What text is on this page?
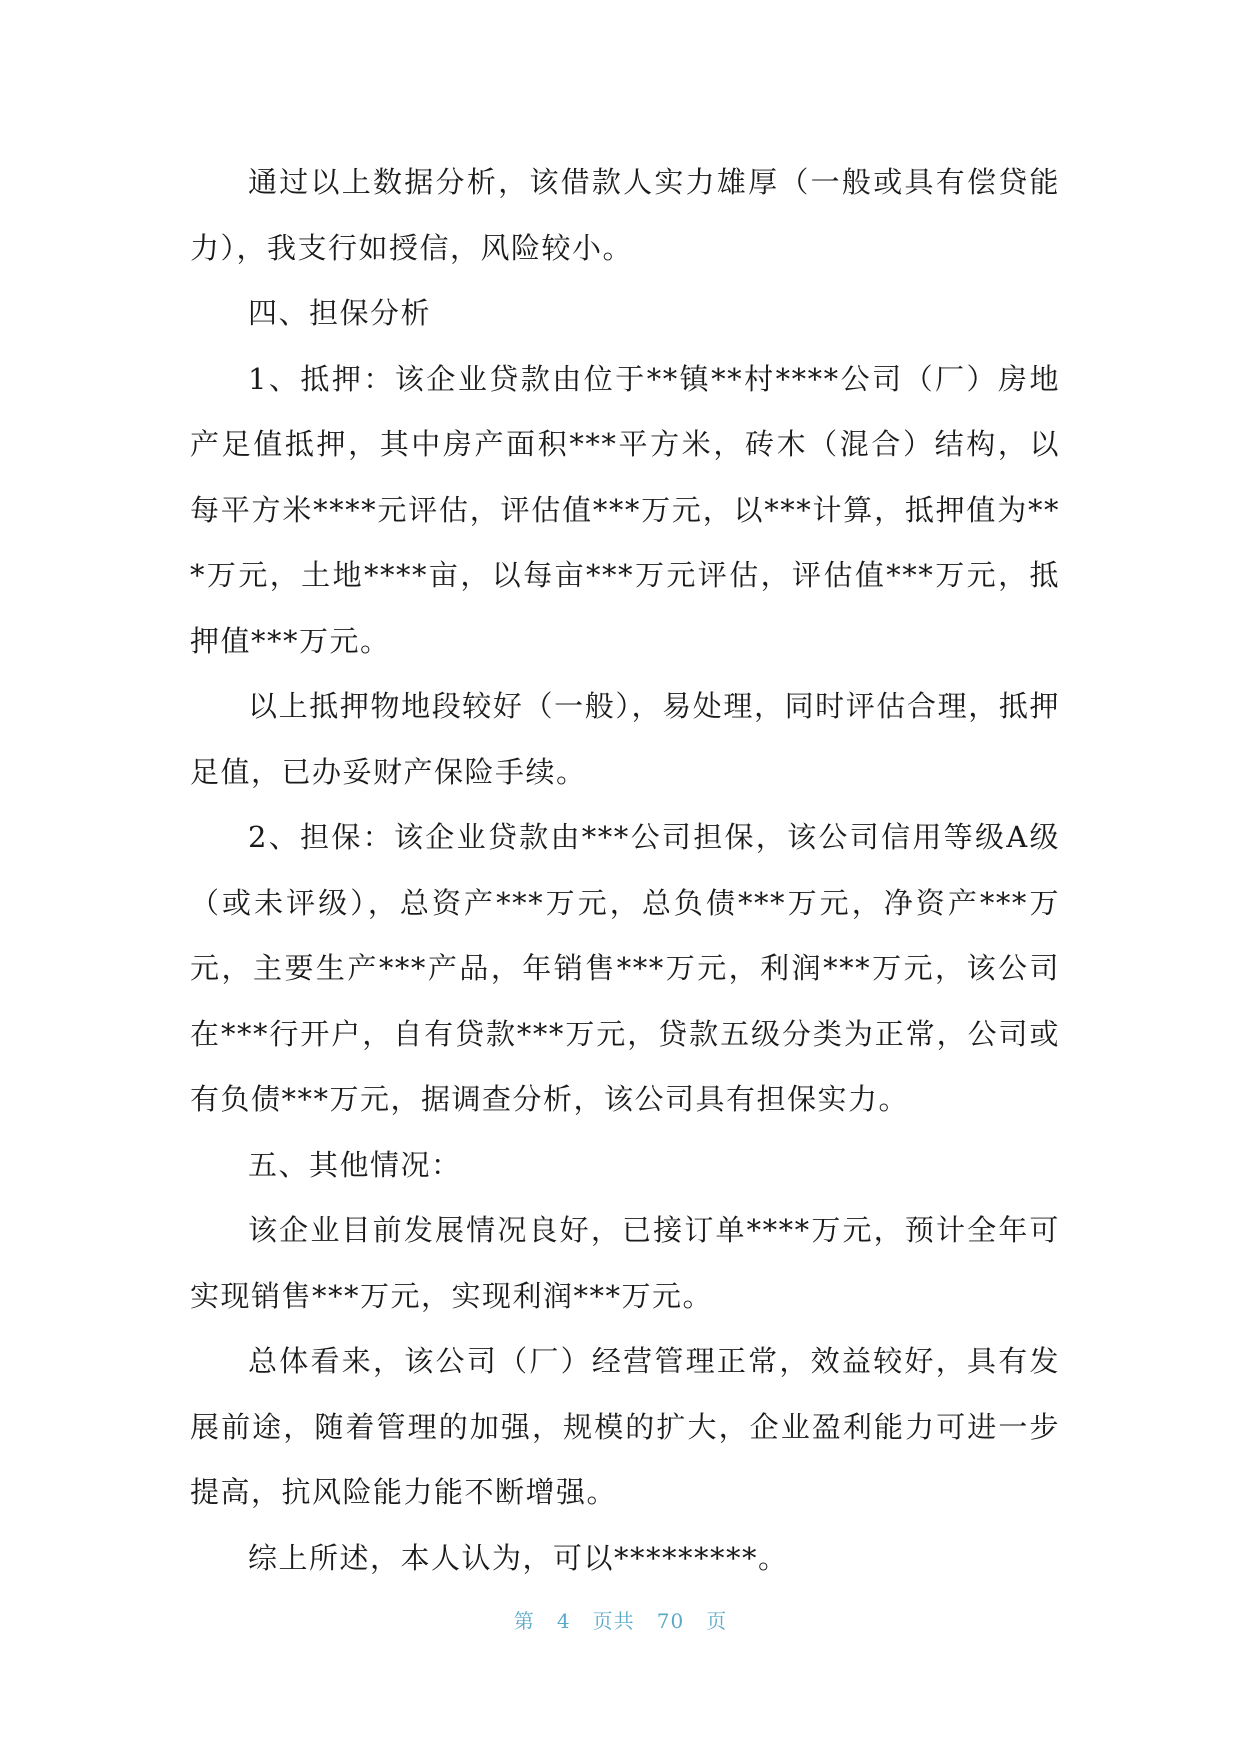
通过以上数据分析，该借款人实力雄厚（一般或具有偿贷能力），我支行如授信，风险较小。

四、担保分析

1、抵押：该企业贷款由位于**镇**村****公司（厂）房地产足值抵押，其中房产面积***平方米，砖木（混合）结构，以每平方米****元评估，评估值***万元，以***计算，抵押值为***万元，土地****亩，以每亩***万元评估，评估值***万元，抵押值***万元。

以上抵押物地段较好（一般），易处理，同时评估合理，抵押足值，已办妥财产保险手续。

2、担保：该企业贷款由***公司担保，该公司信用等级A级（或未评级），总资产***万元，总负债***万元，净资产***万元，主要生产***产品，年销售***万元，利润***万元，该公司在***行开户，自有贷款***万元，贷款五级分类为正常，公司或有负债***万元，据调查分析，该公司具有担保实力。

五、其他情况：

该企业目前发展情况良好，已接订单****万元，预计全年可实现销售***万元，实现利润***万元。

总体看来，该公司（厂）经营管理正常，效益较好，具有发展前途，随着管理的加强，规模的扩大，企业盈利能力可进一步提高，抗风险能力能不断增强。

综上所述，本人认为，可以*********。

第 4 页共 70 页
